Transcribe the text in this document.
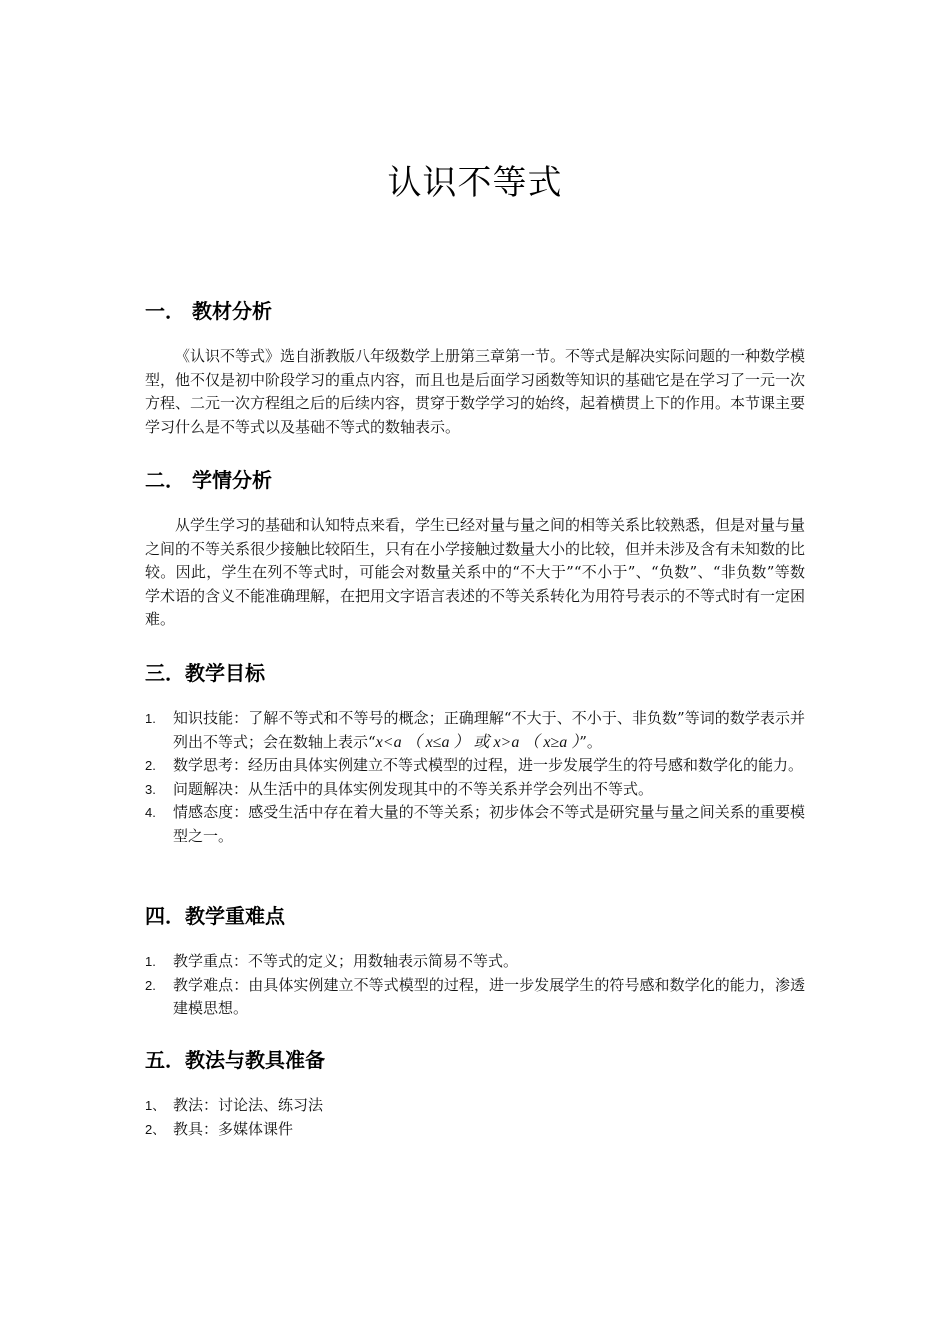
认识不等式
一． 教材分析

《认识不等式》选自浙教版八年级数学上册第三章第一节。不等式是解决实际问题的一种数学模型，他不仅是初中阶段学习的重点内容，而且也是后面学习函数等知识的基础它是在学习了一元一次方程、二元一次方程组之后的后续内容，贯穿于数学学习的始终，起着横贯上下的作用。本节课主要学习什么是不等式以及基础不等式的数轴表示。

二． 学情分析

从学生学习的基础和认知特点来看，学生已经对量与量之间的相等关系比较熟悉，但是对量与量之间的不等关系很少接触比较陌生，只有在小学接触过数量大小的比较，但并未涉及含有未知数的比较。因此，学生在列不等式时，可能会对数量关系中的“不大于”“不小于”、“负数”、“非负数”等数学术语的含义不能准确理解，在把用文字语言表述的不等关系转化为用符号表示的不等式时有一定困难。

三．教学目标
1. 知识技能：了解不等式和不等号的概念；正确理解“不大于、不小于、非负数”等词的数学表示并列出不等式；会在数轴上表示“x<a （ x≤a ） 或 x>a （ x≥a ）”。
2. 数学思考：经历由具体实例建立不等式模型的过程，进一步发展学生的符号感和数学化的能力。
3. 问题解决：从生活中的具体实例发现其中的不等关系并学会列出不等式。
4. 情感态度：感受生活中存在着大量的不等关系；初步体会不等式是研究量与量之间关系的重要模型之一。
四．教学重难点
1. 教学重点：不等式的定义；用数轴表示简易不等式。
2. 教学难点：由具体实例建立不等式模型的过程，进一步发展学生的符号感和数学化的能力，渗透建模思想。
五．教法与教具准备
1、 教法：讨论法、练习法
2、 教具：多媒体课件
